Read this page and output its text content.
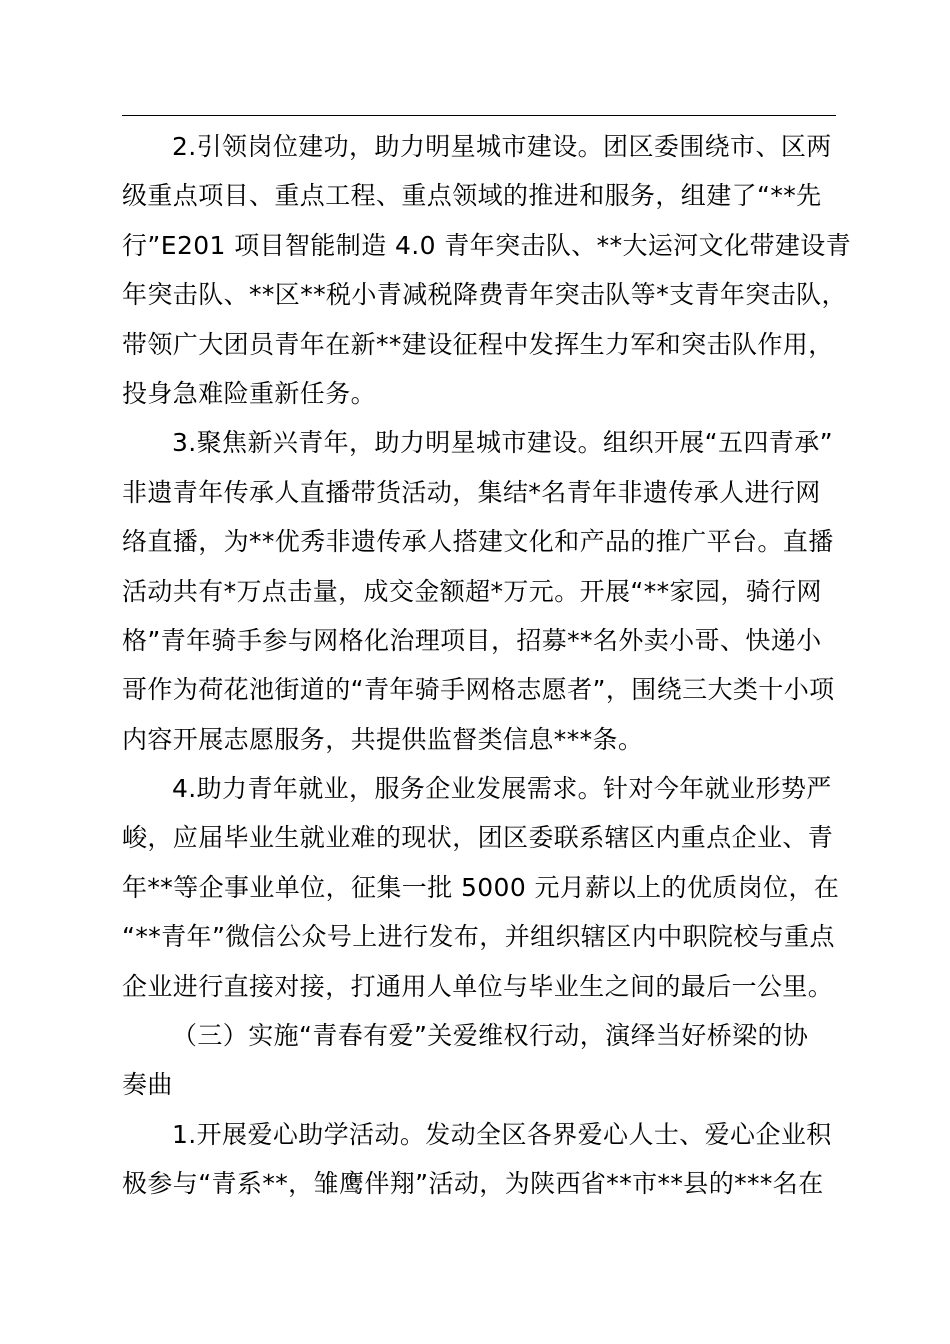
2.引领岗位建功，助力明星城市建设。团区委围绕市、区两
级重点项目、重点工程、重点领域的推进和服务，组建了“**先
行”E201 项目智能制造 4.0 青年突击队、**大运河文化带建设青
年突击队、**区**税小青减税降费青年突击队等*支青年突击队，
带领广大团员青年在新**建设征程中发挥生力军和突击队作用，
投身急难险重新任务。
3.聚焦新兴青年，助力明星城市建设。组织开展“五四青承”
非遗青年传承人直播带货活动，集结*名青年非遗传承人进行网
络直播，为**优秀非遗传承人搭建文化和产品的推广平台。直播
活动共有*万点击量，成交金额超*万元。开展“**家园，骑行网
格”青年骑手参与网格化治理项目，招募**名外卖小哥、快递小
哥作为荷花池街道的“青年骑手网格志愿者”，围绕三大类十小项
内容开展志愿服务，共提供监督类信息***条。
4.助力青年就业，服务企业发展需求。针对今年就业形势严
峻，应届毕业生就业难的现状，团区委联系辖区内重点企业、青
年**等企事业单位，征集一批 5000 元月薪以上的优质岗位，在
“**青年”微信公众号上进行发布，并组织辖区内中职院校与重点
企业进行直接对接，打通用人单位与毕业生之间的最后一公里。
（三）实施“青春有爱”关爱维权行动，演绎当好桥梁的协
奏曲
1.开展爱心助学活动。发动全区各界爱心人士、爱心企业积
极参与“青系**，雏鹰伴翔”活动，为陕西省**市**县的***名在
